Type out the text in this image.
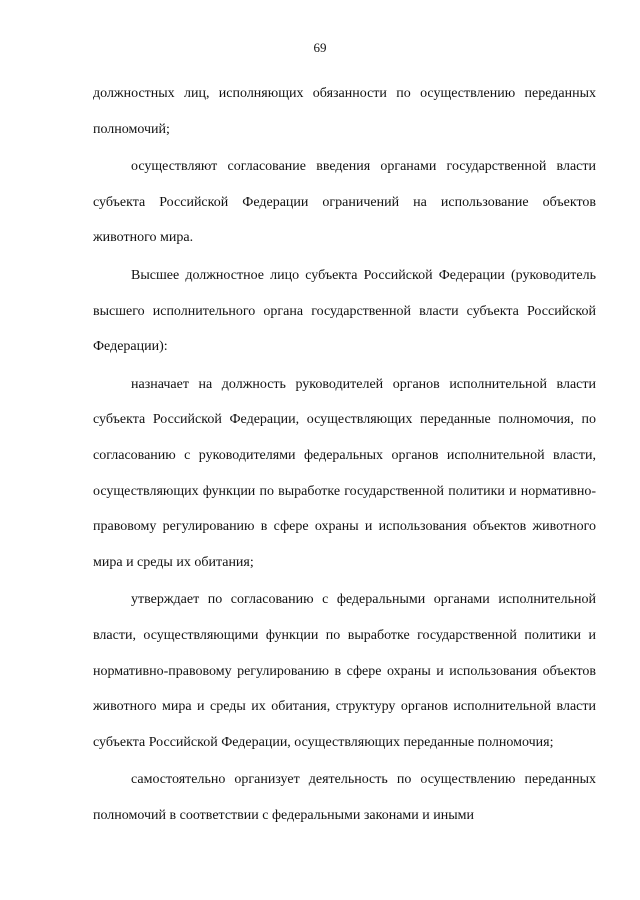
69

должностных лиц, исполняющих обязанности по осуществлению переданных полномочий;

осуществляют согласование введения органами государственной власти субъекта Российской Федерации ограничений на использование объектов животного мира.

Высшее должностное лицо субъекта Российской Федерации (руководитель высшего исполнительного органа государственной власти субъекта Российской Федерации):

назначает на должность руководителей органов исполнительной власти субъекта Российской Федерации, осуществляющих переданные полномочия, по согласованию с руководителями федеральных органов исполнительной власти, осуществляющих функции по выработке государственной политики и нормативно-правовому регулированию в сфере охраны и использования объектов животного мира и среды их обитания;

утверждает по согласованию с федеральными органами исполнительной власти, осуществляющими функции по выработке государственной политики и нормативно-правовому регулированию в сфере охраны и использования объектов животного мира и среды их обитания, структуру органов исполнительной власти субъекта Российской Федерации, осуществляющих переданные полномочия;

самостоятельно организует деятельность по осуществлению переданных полномочий в соответствии с федеральными законами и иными
